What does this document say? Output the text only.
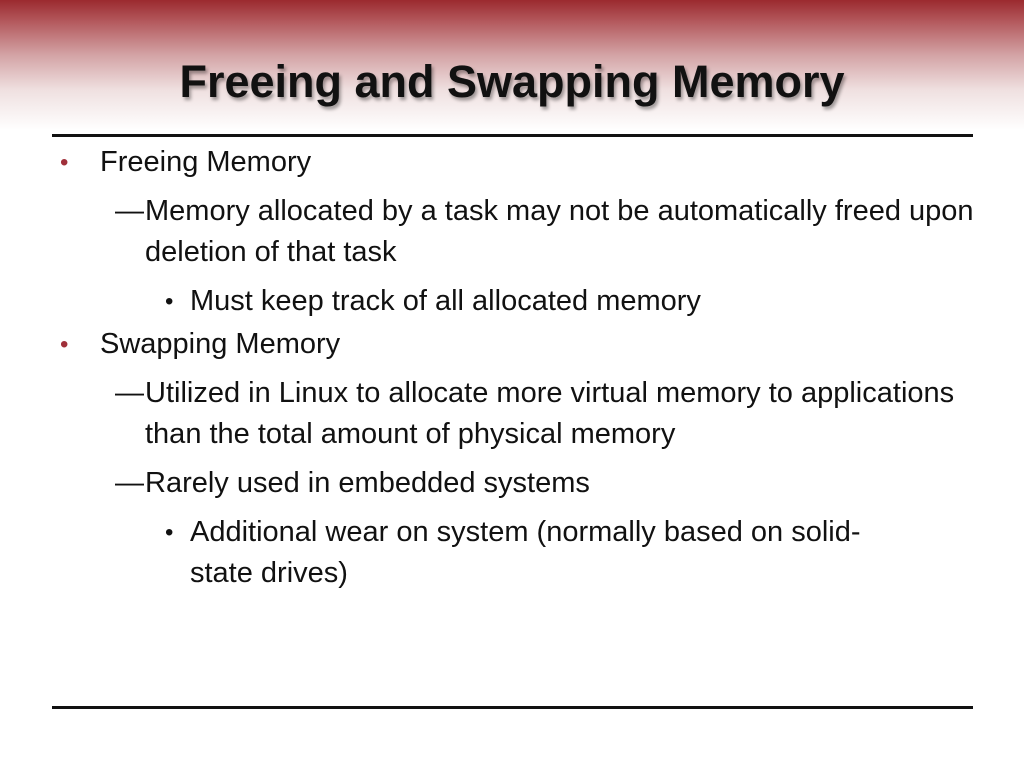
Freeing and Swapping Memory
• Freeing Memory
— Memory allocated by a task may not be automatically freed upon deletion of that task
• Must keep track of all allocated memory
• Swapping Memory
— Utilized in Linux to allocate more virtual memory to applications than the total amount of physical memory
— Rarely used in embedded systems
• Additional wear on system (normally based on solid-state drives)
